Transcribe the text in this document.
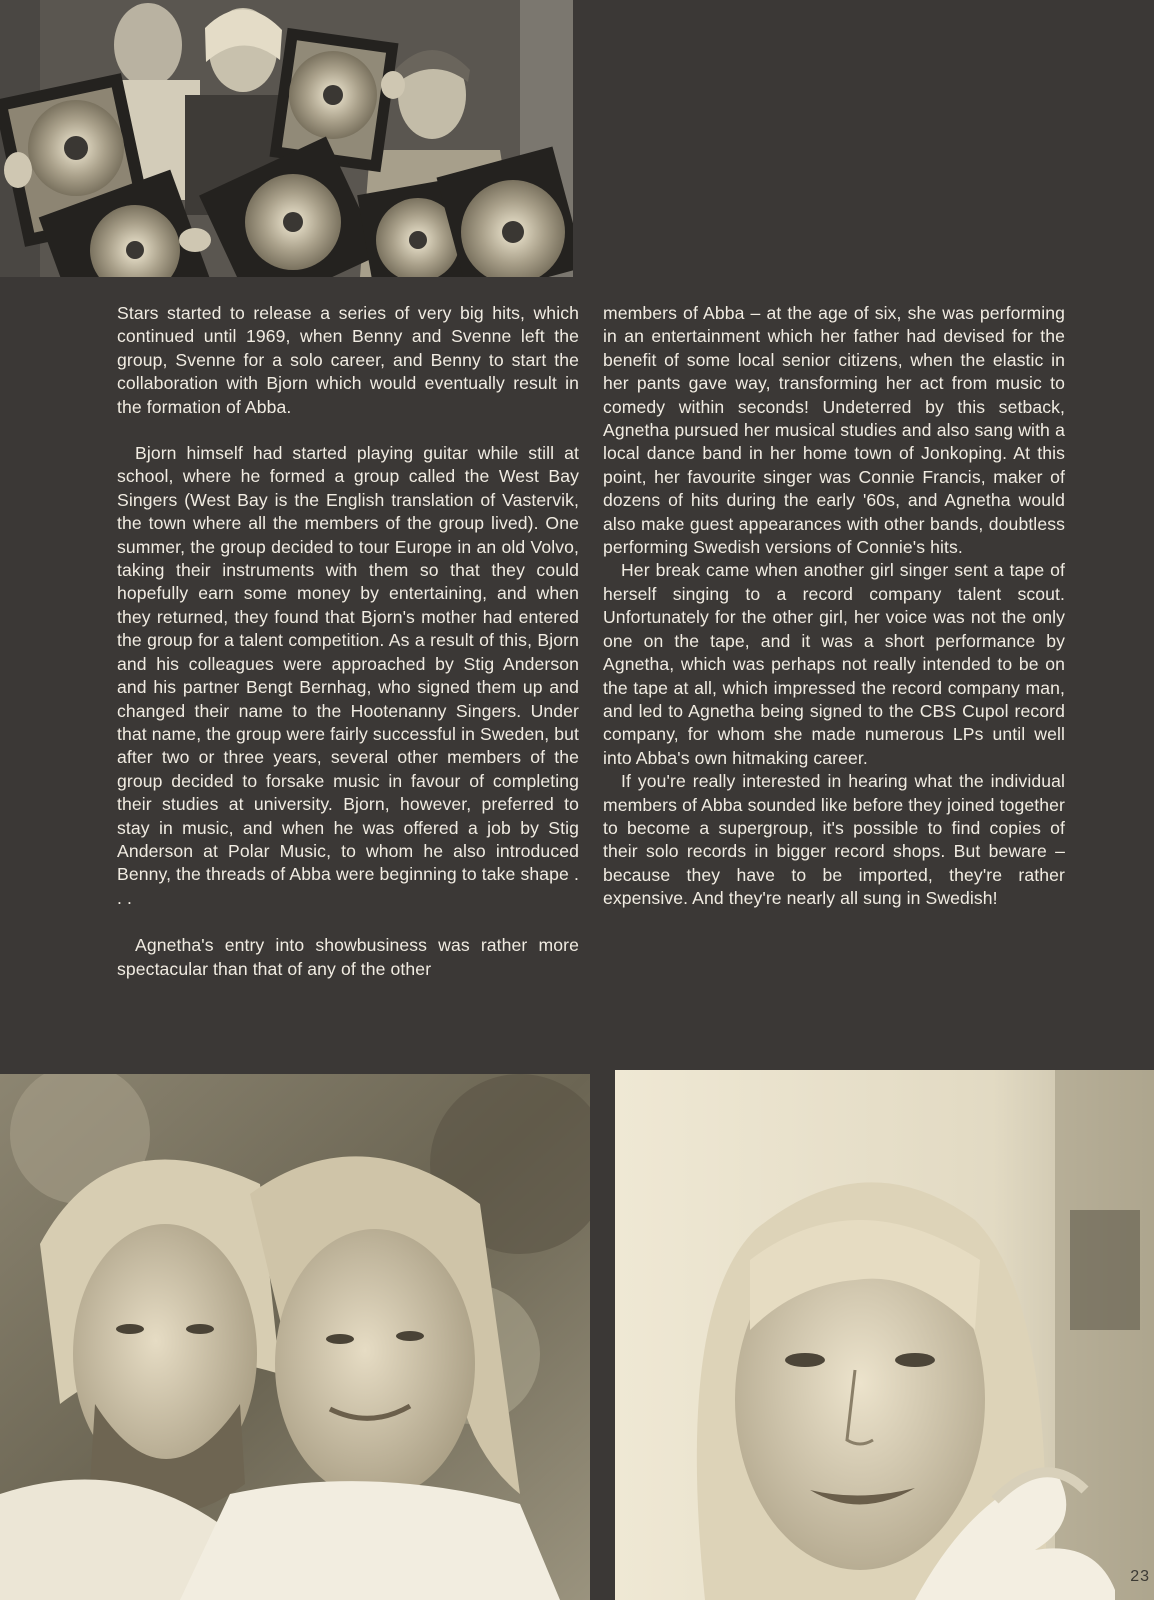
Stars started to release a series of very big hits, which continued until 1969, when Benny and Svenne left the group, Svenne for a solo career, and Benny to start the collaboration with Bjorn which would eventually result in the formation of Abba.

Bjorn himself had started playing guitar while still at school, where he formed a group called the West Bay Singers (West Bay is the English translation of Vastervik, the town where all the members of the group lived). One summer, the group decided to tour Europe in an old Volvo, taking their instruments with them so that they could hopefully earn some money by entertaining, and when they returned, they found that Bjorn's mother had entered the group for a talent competition. As a result of this, Bjorn and his colleagues were approached by Stig Anderson and his partner Bengt Bernhag, who signed them up and changed their name to the Hootenanny Singers. Under that name, the group were fairly successful in Sweden, but after two or three years, several other members of the group decided to forsake music in favour of completing their studies at university. Bjorn, however, preferred to stay in music, and when he was offered a job by Stig Anderson at Polar Music, to whom he also introduced Benny, the threads of Abba were beginning to take shape . . .

Agnetha's entry into showbusiness was rather more spectacular than that of any of the other

members of Abba – at the age of six, she was performing in an entertainment which her father had devised for the benefit of some local senior citizens, when the elastic in her pants gave way, transforming her act from music to comedy within seconds! Undeterred by this setback, Agnetha pursued her musical studies and also sang with a local dance band in her home town of Jonkoping. At this point, her favourite singer was Connie Francis, maker of dozens of hits during the early '60s, and Agnetha would also make guest appearances with other bands, doubtless performing Swedish versions of Connie's hits.

Her break came when another girl singer sent a tape of herself singing to a record company talent scout. Unfortunately for the other girl, her voice was not the only one on the tape, and it was a short performance by Agnetha, which was perhaps not really intended to be on the tape at all, which impressed the record company man, and led to Agnetha being signed to the CBS Cupol record company, for whom she made numerous LPs until well into Abba's own hitmaking career.

If you're really interested in hearing what the individual members of Abba sounded like before they joined together to become a supergroup, it's possible to find copies of their solo records in bigger record shops. But beware – because they have to be imported, they're rather expensive. And they're nearly all sung in Swedish!

23
